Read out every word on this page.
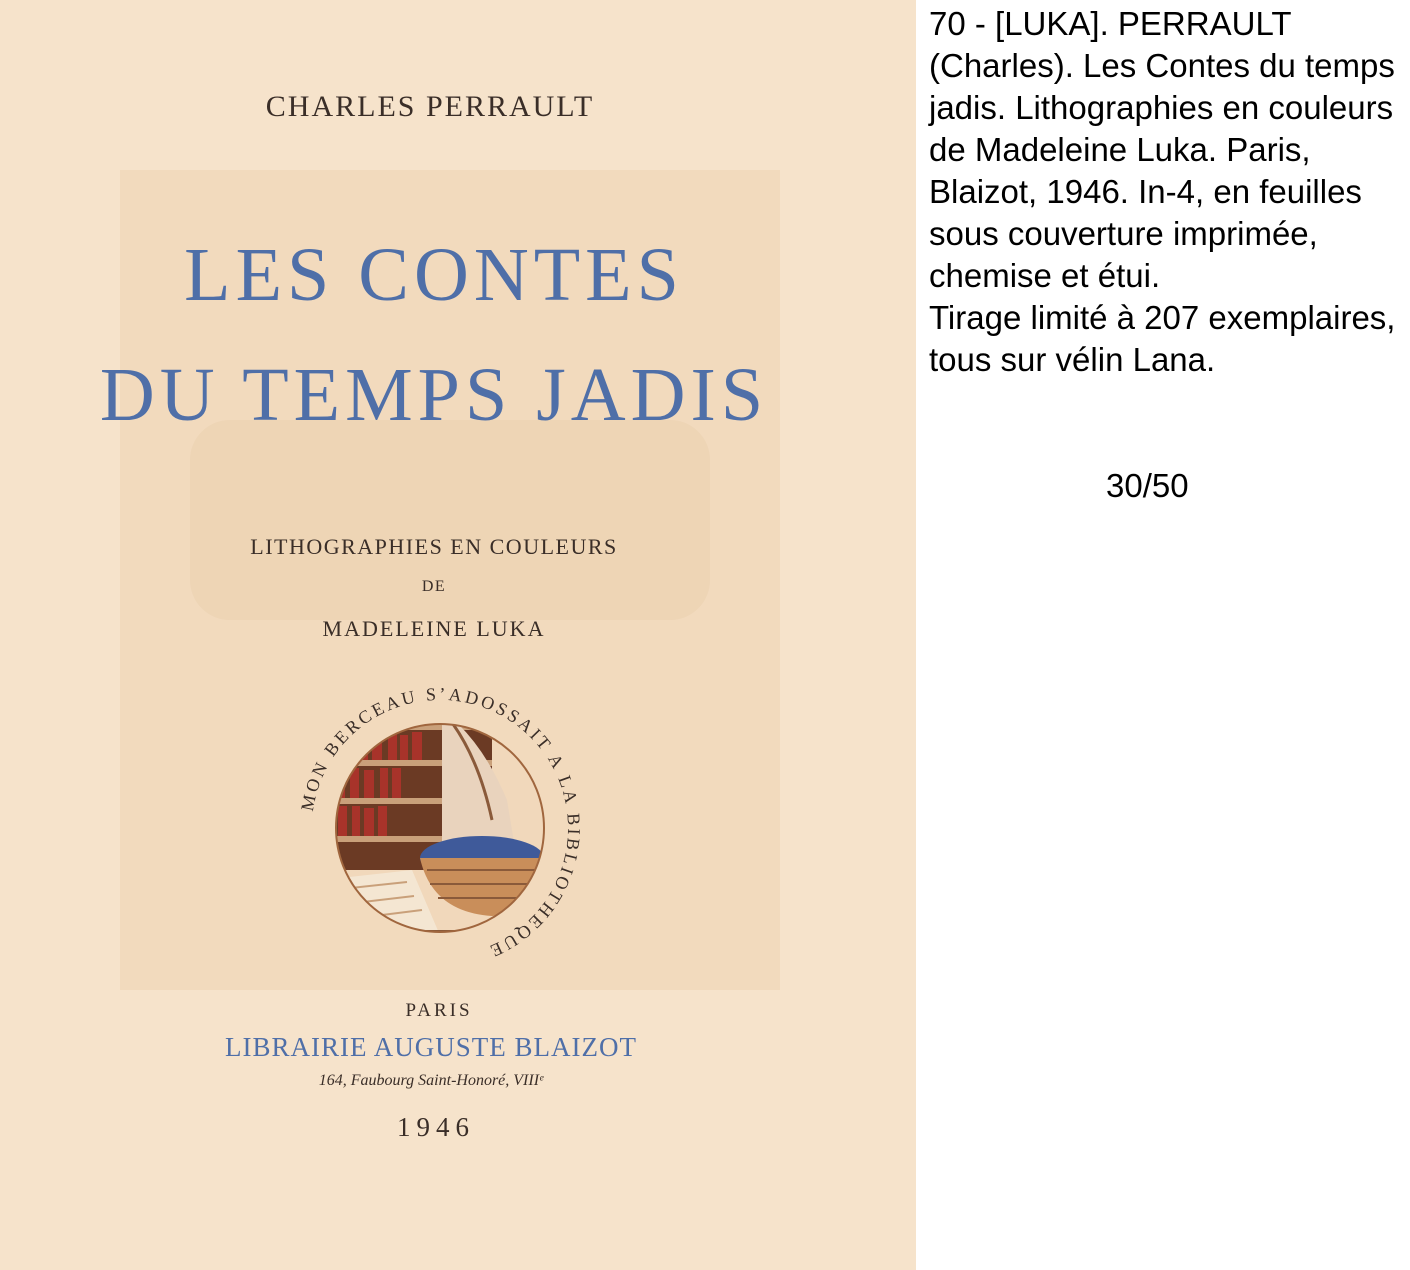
CHARLES PERRAULT

LES CONTES

DU TEMPS JADIS

LITHOGRAPHIES EN COULEURS

DE

MADELEINE LUKA

MON BERCEAU S’ADOSSAIT A LA BIBLIOTHEQUE

PARIS

LIBRAIRIE AUGUSTE BLAIZOT

164, Faubourg Saint-Honoré, VIIIᵉ

1946

70 - [LUKA]. PERRAULT (Charles). Les Contes du temps jadis. Lithographies en couleurs de Madeleine Luka. Paris, Blaizot, 1946. In-4, en feuilles sous couverture imprimée, chemise et étui.

Tirage limité à 207 exemplaires, tous sur vélin Lana.

30/50
